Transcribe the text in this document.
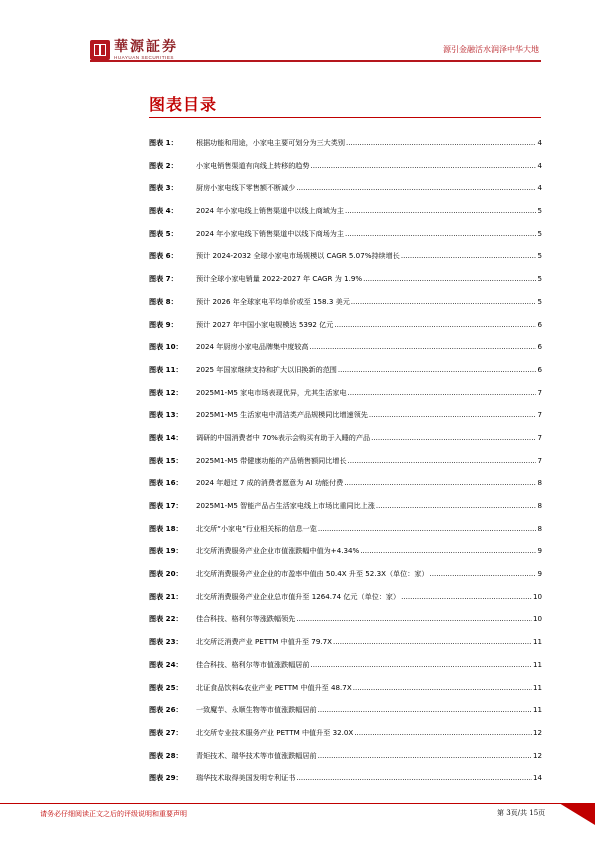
華源証券
HUAYUAN SECURITIES
源引金融活水润泽中华大地
图表目录
图表 1：	根据功能和用途，小家电主要可划分为三大类别 .....	4
图表 2：	小家电销售渠道有向线上转移的趋势 .....	4
图表 3：	厨房小家电线下零售额不断减少 .....	4
图表 4：	2024 年小家电线上销售渠道中以线上商域为主 .....	5
图表 5：	2024 年小家电线下销售渠道中以线下商场为主 .....	5
图表 6：	预计 2024-2032 全球小家电市场规模以 CAGR 5.07%持续增长 .....	5
图表 7：	预计全球小家电销量 2022-2027 年 CAGR 为 1.9% .....	5
图表 8：	预计 2026 年全球家电平均单价或至 158.3 美元 .....	5
图表 9：	预计 2027 年中国小家电规模达 5392 亿元 .....	6
图表 10：	2024 年厨房小家电品牌集中度较高 .....	6
图表 11：	2025 年国家继续支持和扩大以旧换新的范围 .....	6
图表 12：	2025M1-M5 家电市场表现优异，尤其生活家电 .....	7
图表 13：	2025M1-M5 生活家电中清洁类产品规模同比增速领先 .....	7
图表 14：	调研的中国消费者中 70%表示会购买有助于入睡的产品 .....	7
图表 15：	2025M1-M5 带健康功能的产品销售额同比增长 .....	7
图表 16：	2024 年超过 7 成的消费者愿意为 AI 功能付费 .....	8
图表 17：	2025M1-M5 智能产品占生活家电线上市场比重同比上涨 .....	8
图表 18：	北交所“小家电”行业相关标的信息一览 .....	8
图表 19：	北交所消费服务产业企业市值涨跌幅中值为+4.34% .....	9
图表 20：	北交所消费服务产业企业的市盈率中值由 50.4X 升至 52.3X（单位：家） .....	9
图表 21：	北交所消费服务产业企业总市值升至 1264.74 亿元（单位：家） .....	10
图表 22：	佳合科技、格利尔等涨跌幅领先 .....	10
图表 23：	北交所泛消费产业 PETTM 中值升至 79.7X .....	11
图表 24：	佳合科技、格利尔等市值涨跌幅居前 .....	11
图表 25：	北证食品饮料&农业产业 PETTM 中值升至 48.7X .....	11
图表 26：	一致魔芋、永顺生物等市值涨跌幅居前 .....	11
图表 27：	北交所专业技术服务产业 PETTM 中值升至 32.0X .....	12
图表 28：	青矩技术、瑞华技术等市值涨跌幅居前 .....	12
图表 29：	瑞华技术取得美国发明专利证书 .....	14
请务必仔细阅读正文之后的评级说明和重要声明	第 3页/共 15页
